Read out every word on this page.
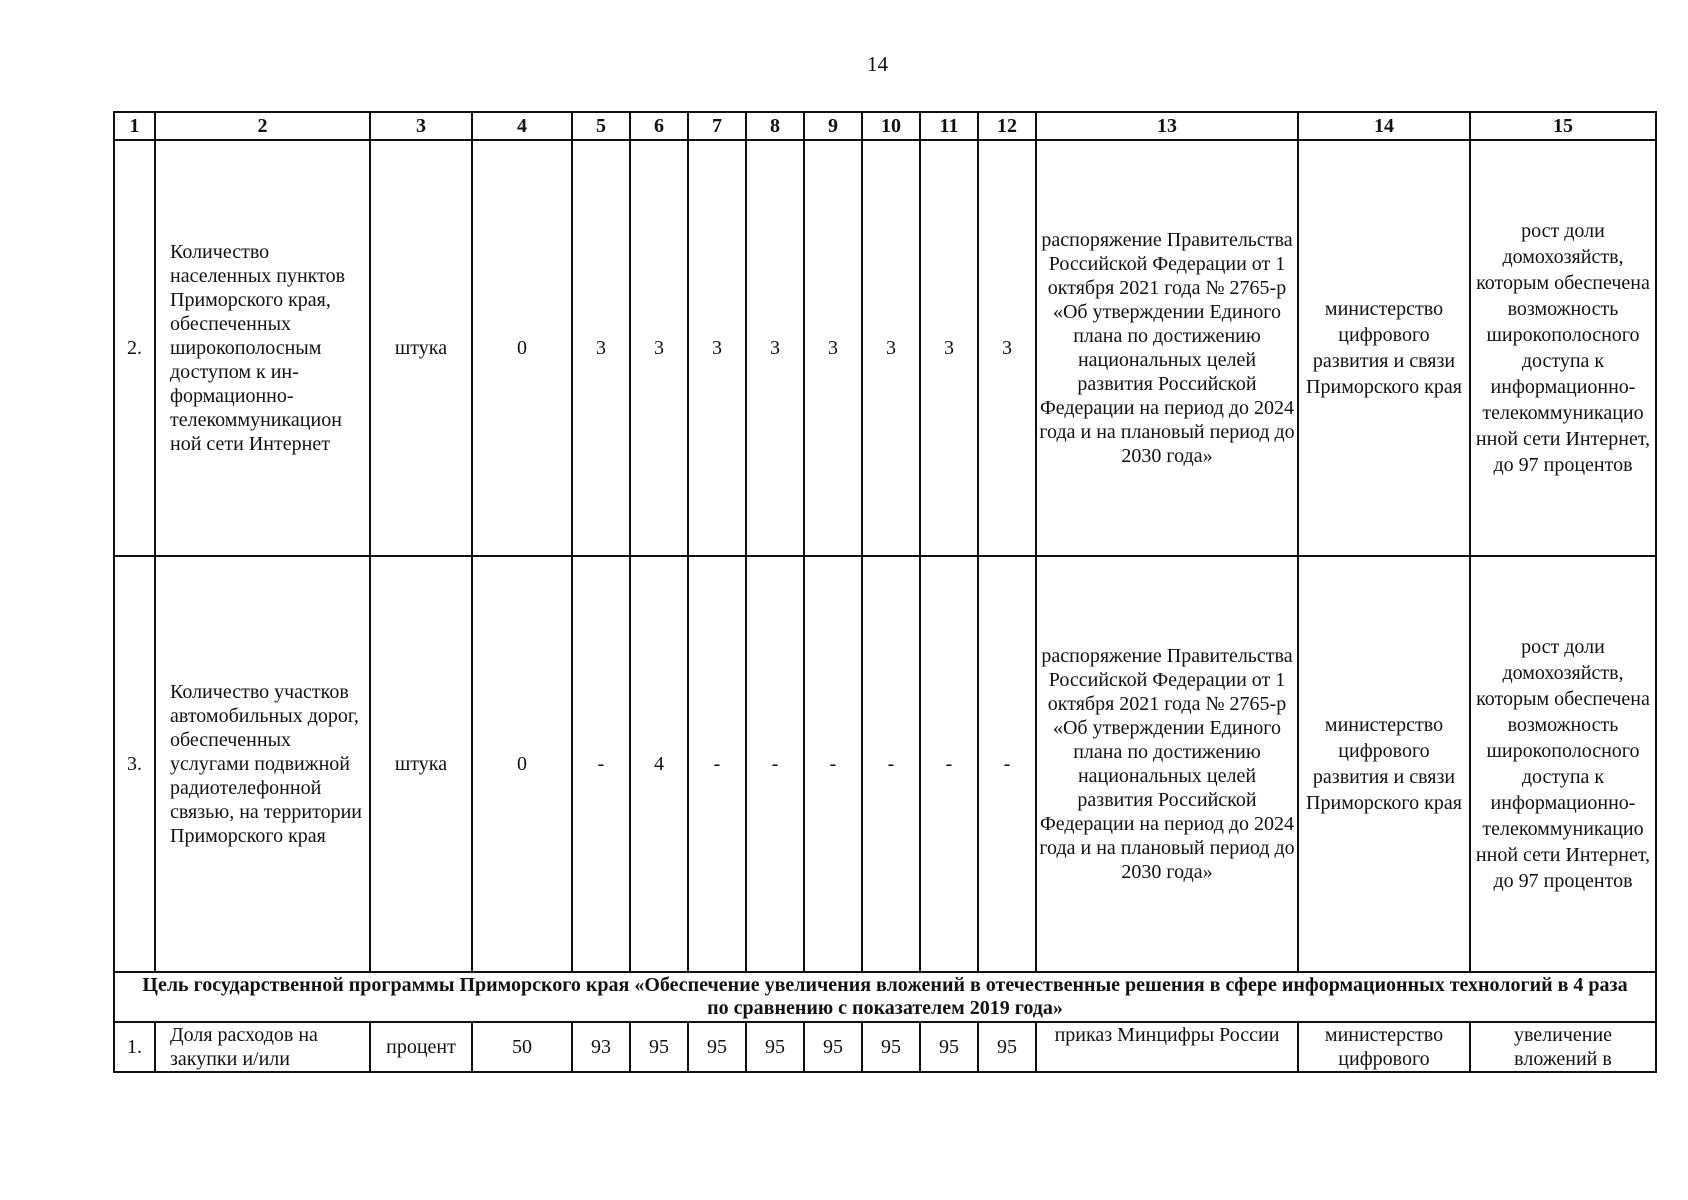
14
1	2	3	4	5	6	7	8	9	10	11	12	13	14	15
2.	Количество населенных пунктов Приморского края, обеспеченных широкополосным доступом к ин-формационно-телекоммуникацион ной сети Интернет	штука	0	3	3	3	3	3	3	3	3	распоряжение Правительства Российской Федерации от 1 октября 2021 года № 2765-р «Об утверждении Единого плана по достижению национальных целей развития Российской Федерации на период до 2024 года и на плановый период до 2030 года»	министерство цифрового развития и связи Приморского края	рост доли домохозяйств, которым обеспечена возможность широкополосного доступа к информационно-телекоммуникацио нной сети Интернет, до 97 процентов
3.	Количество участков автомобильных дорог, обеспеченных услугами подвижной радиотелефонной связью, на территории Приморского края	штука	0	-	4	-	-	-	-	-	-	распоряжение Правительства Российской Федерации от 1 октября 2021 года № 2765-р «Об утверждении Единого плана по достижению национальных целей развития Российской Федерации на период до 2024 года и на плановый период до 2030 года»	министерство цифрового развития и связи Приморского края	рост доли домохозяйств, которым обеспечена возможность широкополосного доступа к информационно-телекоммуникацио нной сети Интернет, до 97 процентов
Цель государственной программы Приморского края «Обеспечение увеличения вложений в отечественные решения в сфере информационных технологий в 4 раза по сравнению с показателем 2019 года»														
1.	Доля расходов на закупки и/или	процент	50	93	95	95	95	95	95	95	95	приказ Минцифры России	министерство цифрового	увеличение вложений в
